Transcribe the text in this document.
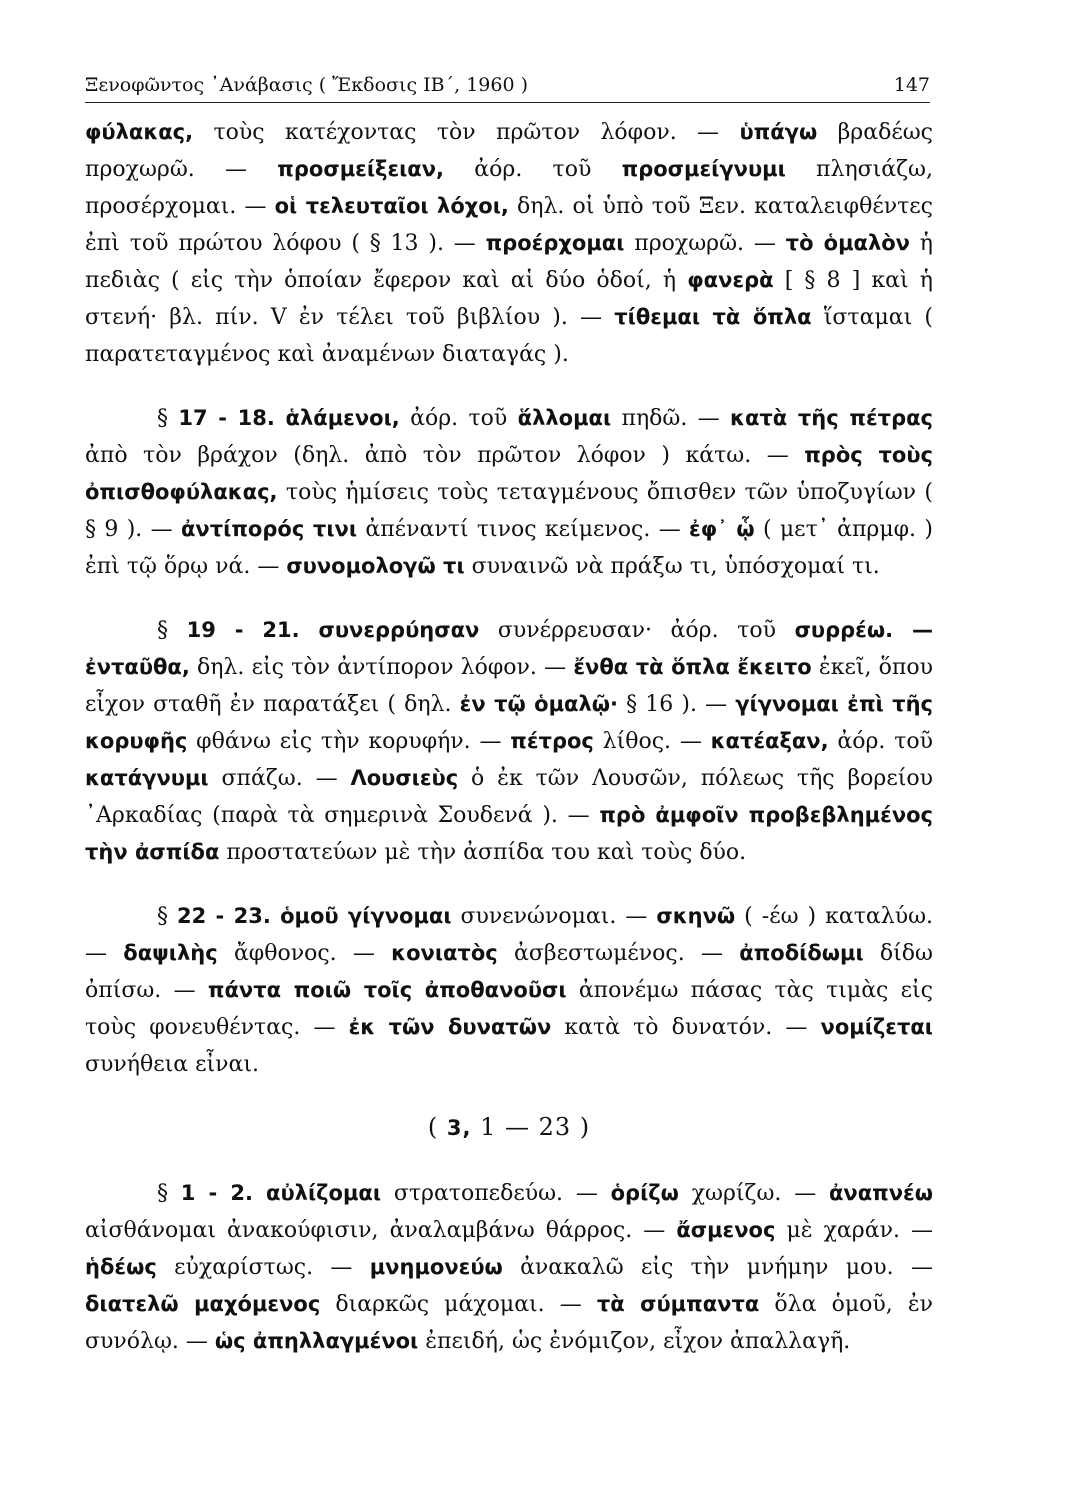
Ξενοφῶντος ᾿Ανάβασις ( Ἔκδοσις ΙΒ΄, 1960 )	147

φύλακας, τοὺς κατέχοντας τὸν πρῶτον λόφον. — ὑπάγω βραδέως προχωρῶ. — προσμείξειαν, ἀόρ. τοῦ προσμείγνυμι πλησιάζω, προσέρχομαι. — οἱ τελευταῖοι λόχοι, δηλ. οἱ ὑπὸ τοῦ Ξεν. καταλειφθέντες ἐπὶ τοῦ πρώτου λόφου ( § 13 ). — προέρχομαι προχωρῶ. — τὸ ὁμαλὸν ἡ πεδιὰς ( εἰς τὴν ὁποίαν ἔφερον καὶ αἱ δύο ὁδοί, ἡ φανερὰ [ § 8 ] καὶ ἡ στενή· βλ. πίν. V ἐν τέλει τοῦ βιβλίου ). — τίθεμαι τὰ ὅπλα ἵσταμαι ( παρατεταγμένος καὶ ἀναμένων διαταγάς ).

§ 17 - 18. ἁλάμενοι, ἀόρ. τοῦ ἅλλομαι πηδῶ. — κατὰ τῆς πέτρας ἀπὸ τὸν βράχον (δηλ. ἀπὸ τὸν πρῶτον λόφον ) κάτω. — πρὸς τοὺς ὀπισθοφύλακας, τοὺς ἡμίσεις τοὺς τεταγμένους ὄπισθεν τῶν ὑποζυγίων ( § 9 ). — ἀντίπορός τινι ἀπέναντί τινος κείμενος. — ἐφ᾽ ᾧ ( μετ᾽ ἀπρμφ. ) ἐπὶ τῷ ὅρῳ νά. — συνομολογῶ τι συναινῶ νὰ πράξω τι, ὑπόσχομαί τι.

§ 19 - 21. συνερρύησαν συνέρρευσαν· ἀόρ. τοῦ συρρέω. — ἐνταῦθα, δηλ. εἰς τὸν ἀντίπορον λόφον. — ἔνθα τὰ ὅπλα ἔκειτο ἐκεῖ, ὅπου εἶχον σταθῆ ἐν παρατάξει ( δηλ. ἐν τῷ ὁμαλῷ· § 16 ). — γίγνομαι ἐπὶ τῆς κορυφῆς φθάνω εἰς τὴν κορυφήν. — πέτρος λίθος. — κατέαξαν, ἀόρ. τοῦ κατάγνυμι σπάζω. — Λουσιεὺς ὁ ἐκ τῶν Λουσῶν, πόλεως τῆς βορείου ᾿Αρκαδίας (παρὰ τὰ σημερινὰ Σουδενά ). — πρὸ ἀμφοῖν προβεβλημένος τὴν ἀσπίδα προστατεύων μὲ τὴν ἀσπίδα του καὶ τοὺς δύο.

§ 22 - 23. ὁμοῦ γίγνομαι συνενώνομαι. — σκηνῶ ( -έω ) καταλύω. — δαψιλὴς ἄφθονος. — κονιατὸς ἀσβεστωμένος. — ἀποδίδωμι δίδω ὀπίσω. — πάντα ποιῶ τοῖς ἀποθανοῦσι ἀπονέμω πάσας τὰς τιμὰς εἰς τοὺς φονευθέντας. — ἐκ τῶν δυνατῶν κατὰ τὸ δυνατόν. — νομίζεται συνήθεια εἶναι.

( 3, 1 — 23 )

§ 1 - 2. αὐλίζομαι στρατοπεδεύω. — ὁρίζω χωρίζω. — ἀναπνέω αἰσθάνομαι ἀνακούφισιν, ἀναλαμβάνω θάρρος. — ἄσμενος μὲ χαράν. — ἡδέως εὐχαρίστως. — μνημονεύω ἀνακαλῶ εἰς τὴν μνήμην μου. — διατελῶ μαχόμενος διαρκῶς μάχομαι. — τὰ σύμπαντα ὅλα ὁμοῦ, ἐν συνόλῳ. — ὡς ἀπηλλαγμένοι ἐπειδή, ὡς ἐνόμιζον, εἶχον ἀπαλλαγῆ.
